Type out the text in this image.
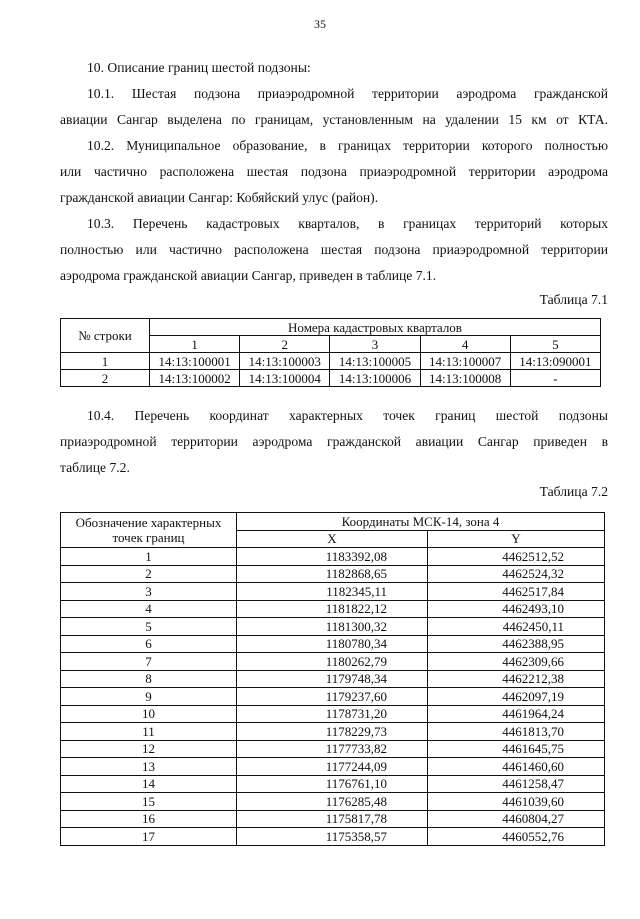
35
10. Описание границ шестой подзоны:
10.1. Шестая подзона приаэродромной территории аэродрома гражданской
авиации Сангар выделена по границам, установленным на удалении 15 км от КТА.
10.2. Муниципальное образование, в границах территории которого полностью
или частично расположена шестая подзона приаэродромной территории аэродрома
гражданской авиации Сангар: Кобяйский улус (район).
10.3. Перечень кадастровых кварталов, в границах территорий которых
полностью или частично расположена шестая подзона приаэродромной территории
аэродрома гражданской авиации Сангар, приведен в таблице 7.1.
Таблица 7.1
№ строки	Номера кадастровых кварталов				
	1	2	3	4	5
1	14:13:100001	14:13:100003	14:13:100005	14:13:100007	14:13:090001
2	14:13:100002	14:13:100004	14:13:100006	14:13:100008	-
10.4. Перечень координат характерных точек границ шестой подзоны
приаэродромной территории аэродрома гражданской авиации Сангар приведен в
таблице 7.2.
Таблица 7.2
Обозначение характерных
точек границ	Координаты МСК-14, зона 4	
	X	Y
1	1183392,08	4462512,52
2	1182868,65	4462524,32
3	1182345,11	4462517,84
4	1181822,12	4462493,10
5	1181300,32	4462450,11
6	1180780,34	4462388,95
7	1180262,79	4462309,66
8	1179748,34	4462212,38
9	1179237,60	4462097,19
10	1178731,20	4461964,24
11	1178229,73	4461813,70
12	1177733,82	4461645,75
13	1177244,09	4461460,60
14	1176761,10	4461258,47
15	1176285,48	4461039,60
16	1175817,78	4460804,27
17	1175358,57	4460552,76
